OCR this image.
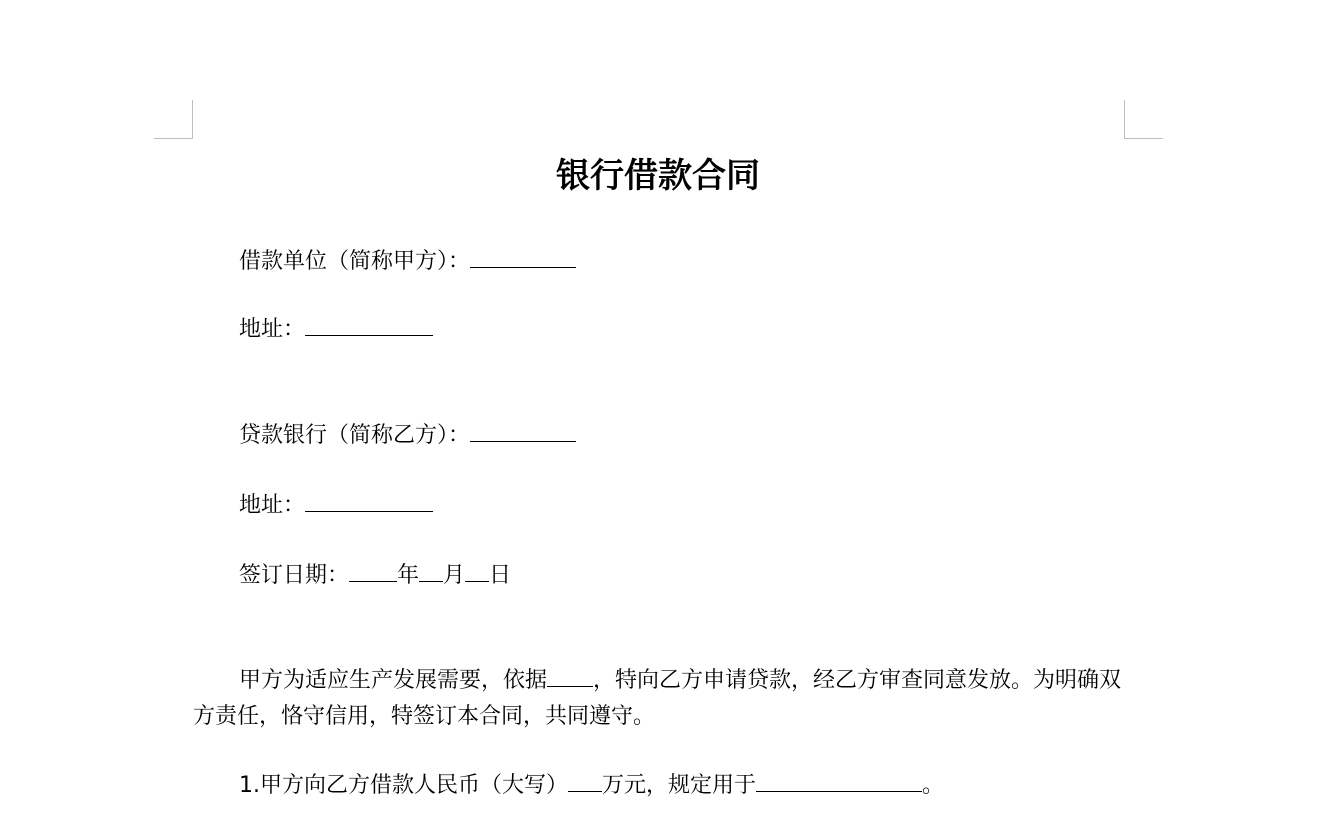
银行借款合同
借款单位（简称甲方）：
地址：
贷款银行（简称乙方）：
地址：
签订日期： 年 月 日
甲方为适应生产发展需要，依据 ，特向乙方申请贷款，经乙方审查同意发放。为明确双方责任，恪守信用，特签订本合同，共同遵守。
1.甲方向乙方借款人民币（大写） 万元，规定用于	。
